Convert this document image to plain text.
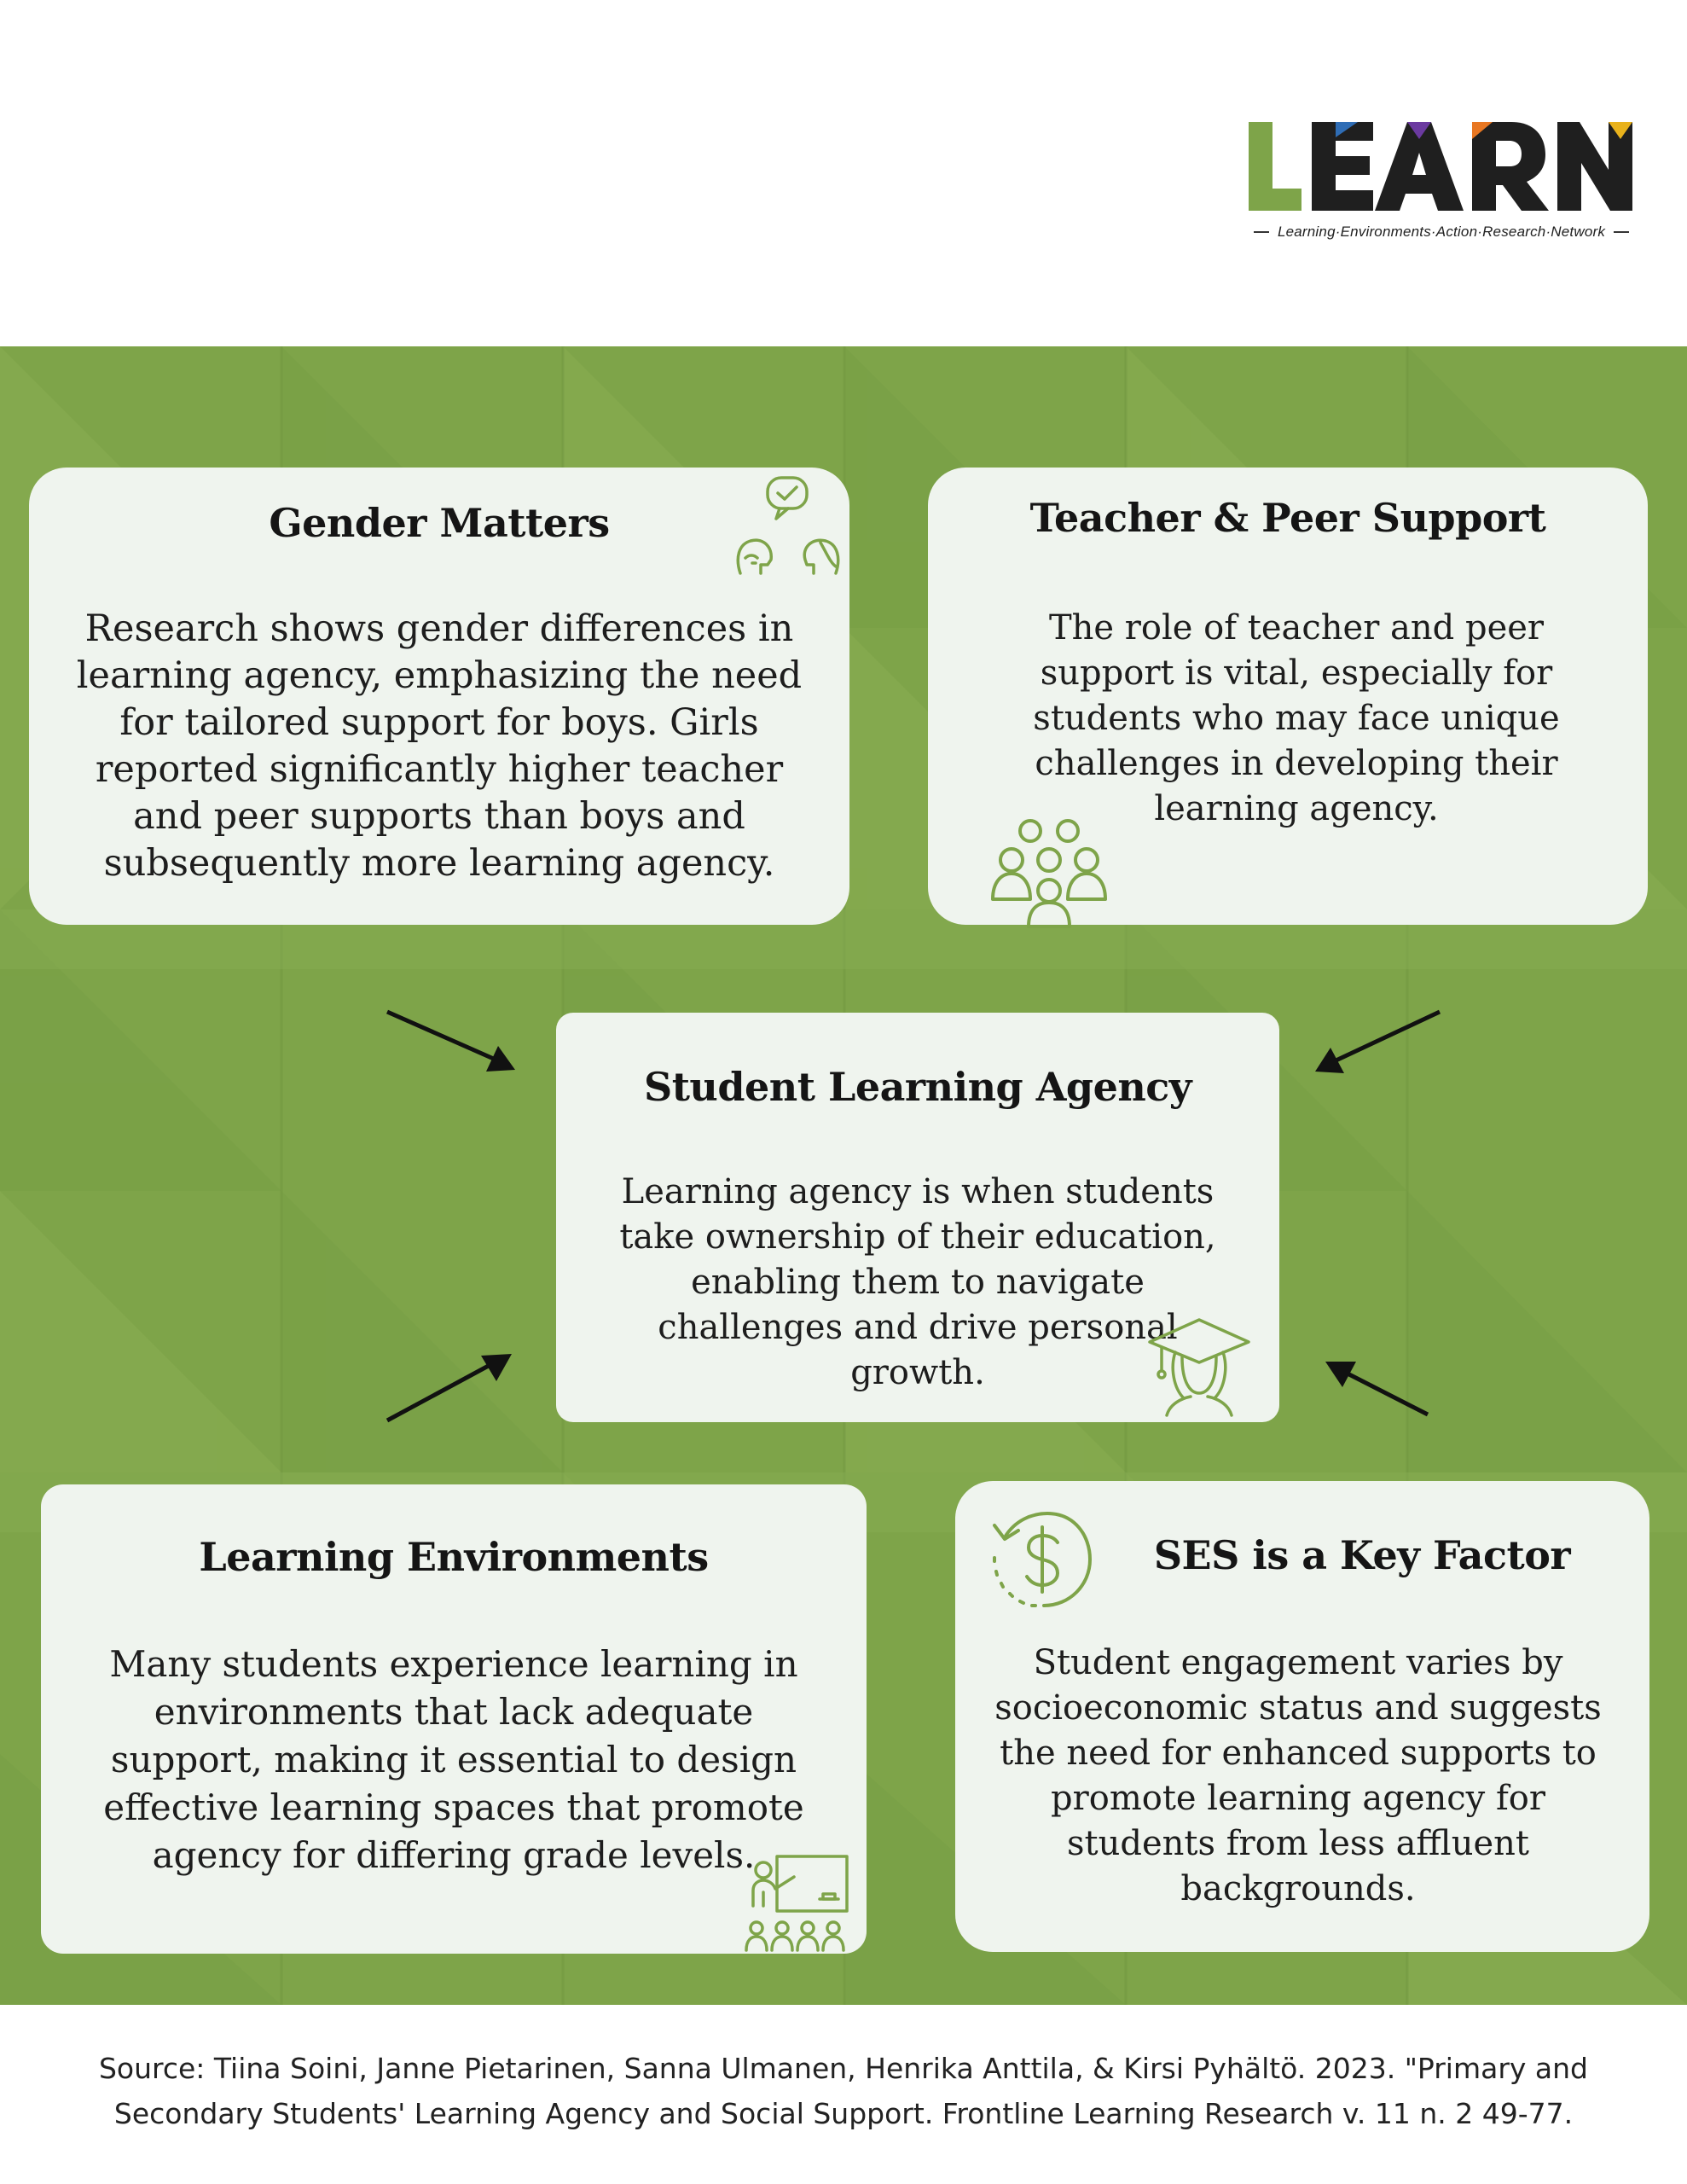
Learning·Environments·Action·Research·Network
Gender Matters

Research shows gender differences in learning agency, emphasizing the need for tailored support for boys. Girls reported significantly higher teacher and peer supports than boys and subsequently more learning agency.

Teacher & Peer Support

The role of teacher and peer support is vital, especially for students who may face unique challenges in developing their learning agency.

Student Learning Agency

Learning agency is when students take ownership of their education, enabling them to navigate challenges and drive personal growth.

Learning Environments

Many students experience learning in environments that lack adequate support, making it essential to design effective learning spaces that promote agency for differing grade levels.

SES is a Key Factor

Student engagement varies by socioeconomic status and suggests the need for enhanced supports to promote learning agency for students from less affluent backgrounds.

Source: Tiina Soini, Janne Pietarinen, Sanna Ulmanen, Henrika Anttila, & Kirsi Pyhältö. 2023. "Primary and Secondary Students' Learning Agency and Social Support. Frontline Learning Research v. 11 n. 2 49-77.
